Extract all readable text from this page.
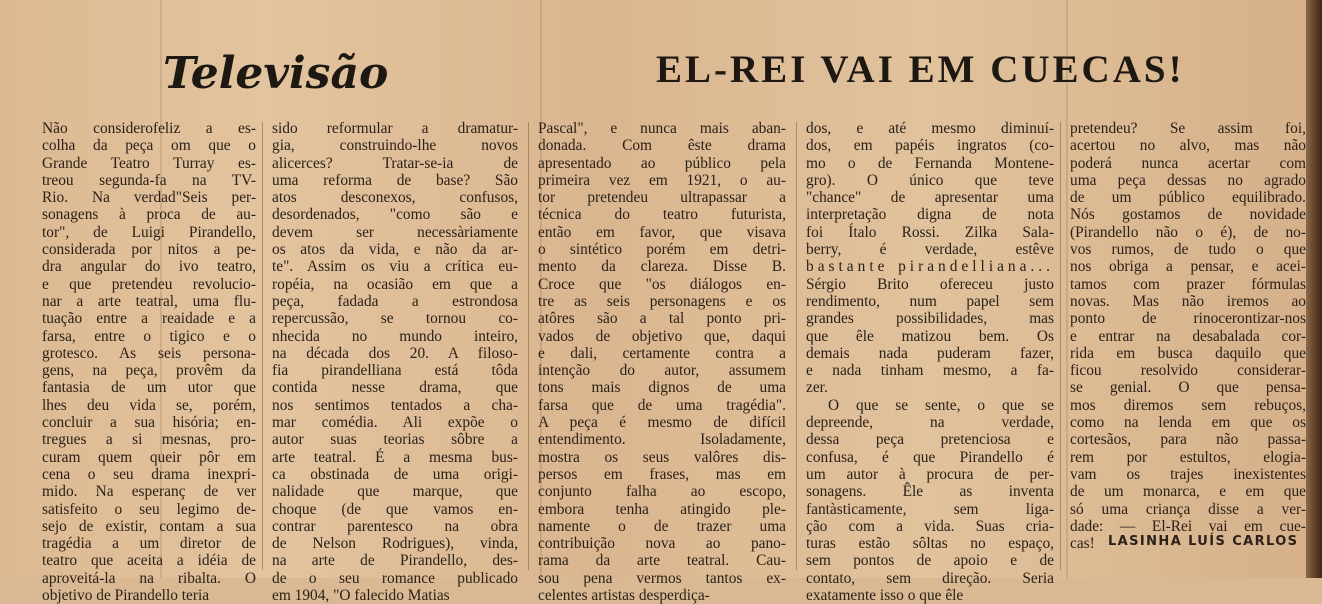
Televisão	EL-REI VAI EM CUECAS!
Não considerofeliz a es-
colha da peça om que o
Grande Teatro Turray es-
treou segunda-fa na TV-
Rio. Na verdad"Seis per-
sonagens à proca de au-
tor", de Luigi Pirandello,
considerada por nitos a pe-
dra angular do ivo teatro,
e que pretendeu revolucio-
nar a arte teatral, uma flu-
tuação entre a reaidade e a
farsa, entre o tigico e o
grotesco. As seis persona-
gens, na peça, provêm da
fantasia de um utor que
lhes deu vida se, porém,
concluir a sua hisória; en-
tregues a si mesnas, pro-
curam quem queir pôr em
cena o seu drama inexpri-
mido. Na esperanç de ver
satisfeito o seu legimo de-
sejo de existir, contam a sua
tragédia a um diretor de
teatro que aceita a idéia de
aproveitá-la na ribalta. O
objetivo de Pirandello teria
sido reformular a dramatur-
gia, construindo-lhe novos
alicerces? Tratar-se-ia de
uma reforma de base? São
atos desconexos, confusos,
desordenados, "como são e
devem ser necessàriamente
os atos da vida, e não da ar-
te". Assim os viu a crítica eu-
ropéia, na ocasião em que a
peça, fadada a estrondosa
repercussão, se tornou co-
nhecida no mundo inteiro,
na década dos 20. A filoso-
fia pirandelliana está tôda
contida nesse drama, que
nos sentimos tentados a cha-
mar comédia. Ali expõe o
autor suas teorias sôbre a
arte teatral. É a mesma bus-
ca obstinada de uma origi-
nalidade que marque, que
choque (de que vamos en-
contrar parentesco na obra
de Nelson Rodrigues), vinda,
na arte de Pirandello, des-
de o seu romance publicado
em 1904, "O falecido Matias
Pascal", e nunca mais aban-
donada. Com êste drama
apresentado ao público pela
primeira vez em 1921, o au-
tor pretendeu ultrapassar a
técnica do teatro futurista,
então em favor, que visava
o sintético porém em detri-
mento da clareza. Disse B.
Croce que "os diálogos en-
tre as seis personagens e os
atôres são a tal ponto pri-
vados de objetivo que, daqui
e dali, certamente contra a
intenção do autor, assumem
tons mais dignos de uma
farsa que de uma tragédia".
A peça é mesmo de difícil
entendimento. Isoladamente,
mostra os seus valôres dis-
persos em frases, mas em
conjunto falha ao escopo,
embora tenha atingido ple-
namente o de trazer uma
contribuição nova ao pano-
rama da arte teatral. Cau-
sou pena vermos tantos ex-
celentes artistas desperdiça-
dos, e até mesmo diminuí-
dos, em papéis ingratos (co-
mo o de Fernanda Montene-
gro). O único que teve
"chance" de apresentar uma
interpretação digna de nota
foi Ítalo Rossi. Zilka Sala-
berry, é verdade, estêve
bastante pirandelliana...
Sérgio Brito ofereceu justo
rendimento, num papel sem
grandes possibilidades, mas
que êle matizou bem. Os
demais nada puderam fazer,
e nada tinham mesmo, a fa-
zer.
O que se sente, o que se
depreende, na verdade,
dessa peça pretenciosa e
confusa, é que Pirandello é
um autor à procura de per-
sonagens. Êle as inventa
fantàsticamente, sem liga-
ção com a vida. Suas cria-
turas estão sôltas no espaço,
sem pontos de apoio e de
contato, sem direção. Seria
exatamente isso o que êle
pretendeu? Se assim foi,
acertou no alvo, mas não
poderá nunca acertar com
uma peça dessas no agrado
de um público equilibrado.
Nós gostamos de novidade
(Pirandello não o é), de no-
vos rumos, de tudo o que
nos obriga a pensar, e acei-
tamos com prazer fórmulas
novas. Mas não iremos ao
ponto de rinocerontizar-nos
e entrar na desabalada cor-
rida em busca daquilo que
ficou resolvido considerar-
se genial. O que pensa-
mos diremos sem rebuços,
como na lenda em que os
cortesãos, para não passa-
rem por estultos, elogia-
vam os trajes inexistentes
de um monarca, e em que
só uma criança disse a ver-
dade: — El-Rei vai em cue-
cas!	LASINHA LUÍS CARLOS
